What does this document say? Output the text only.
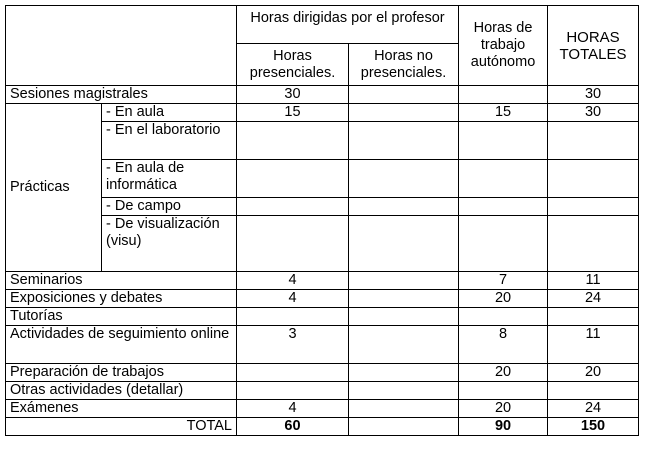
		Horas dirigidas por el profesor		Horas de trabajo autónomo	HORAS TOTALES
		Horas presenciales.	Horas no presenciales.		
Sesiones magistrales		30			30
Prácticas	- En aula	15		15	30
	- En el laboratorio				
	- En aula de informática				
	- De campo				
	- De visualización (visu)				
Seminarios		4		7	11
Exposiciones y debates		4		20	24
Tutorías					
Actividades de seguimiento online		3		8	11
Preparación de trabajos				20	20
Otras actividades (detallar)					
Exámenes		4		20	24
TOTAL		60		90	150
